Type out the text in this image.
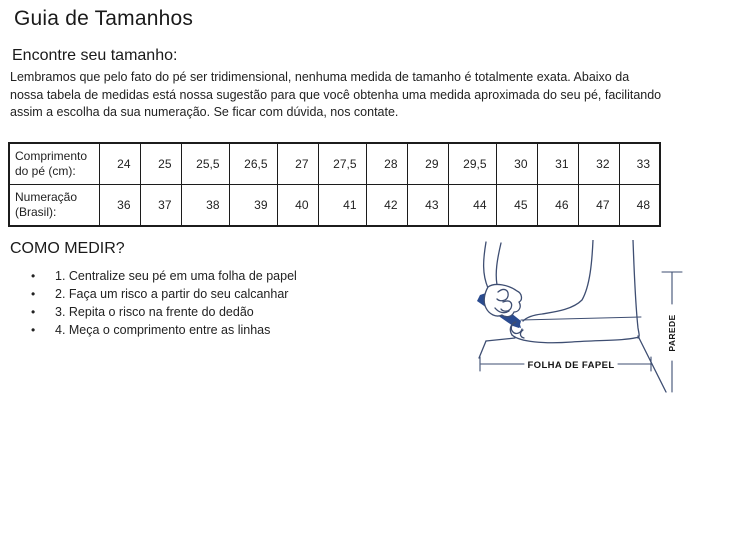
Guia de Tamanhos
Encontre seu tamanho:
Lembramos que pelo fato do pé ser tridimensional, nenhuma medida de tamanho é totalmente exata. Abaixo da
nossa tabela de medidas está nossa sugestão para que você obtenha uma medida aproximada do seu pé, facilitando
assim a escolha da sua numeração. Se ficar com dúvida, nos contate.
Comprimento do pé (cm):	24	25	25,5	26,5	27	27,5	28	29	29,5	30	31	32	33
Numeração (Brasil):	36	37	38	39	40	41	42	43	44	45	46	47	48
COMO MEDIR?
• 1. Centralize seu pé em uma folha de papel
• 2. Faça um risco a partir do seu calcanhar
• 3. Repita o risco na frente do dedão
• 4. Meça o comprimento entre as linhas
FOLHA DE FAPEL
PAREDE
